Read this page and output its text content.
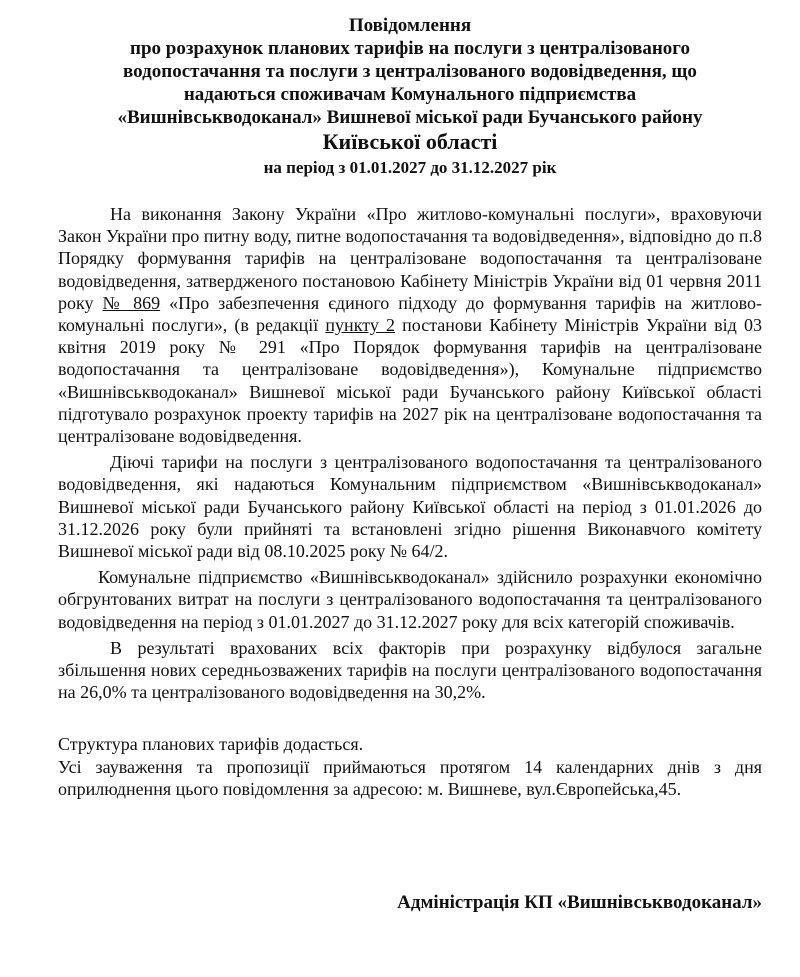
Повідомлення
про розрахунок планових тарифів на послуги з централізованого
водопостачання та послуги з централізованого водовідведення, що
надаються споживачам Комунального підприємства
«Вишнівськводоканал» Вишневої міської ради Бучанського району
Київської області
на період з 01.01.2027 до 31.12.2027 рік

На виконання Закону України «Про житлово-комунальні послуги», враховуючи Закон України про питну воду, питне водопостачання та водовідведення», відповідно до п.8 Порядку формування тарифів на централізоване водопостачання та централізоване водовідведення, затвердженого постановою Кабінету Міністрів України від 01 червня 2011 року № 869 «Про забезпечення єдиного підходу до формування тарифів на житлово-комунальні послуги», (в редакції пункту 2 постанови Кабінету Міністрів України від 03 квітня 2019 року № 291 «Про Порядок формування тарифів на централізоване водопостачання та централізоване водовідведення»), Комунальне підприємство «Вишнівськводоканал» Вишневої міської ради Бучанського району Київської області підготувало розрахунок проекту тарифів на 2027 рік на централізоване водопостачання та централізоване водовідведення.

Діючі тарифи на послуги з централізованого водопостачання та централізованого водовідведення, які надаються Комунальним підприємством «Вишнівськводоканал» Вишневої міської ради Бучанського району Київської області на період з 01.01.2026 до 31.12.2026 року були прийняті та встановлені згідно рішення Виконавчого комітету Вишневої міської ради від 08.10.2025 року № 64/2.

Комунальне підприємство «Вишнівськводоканал» здійснило розрахунки економічно обгрунтованих витрат на послуги з централізованого водопостачання та централізованого водовідведення на період з 01.01.2027 до 31.12.2027 року для всіх категорій споживачів.

В результаті врахованих всіх факторів при розрахунку відбулося загальне збільшення нових середньозважених тарифів на послуги централізованого водопостачання на 26,0% та централізованого водовідведення на 30,2%.

Структура планових тарифів додасться.

Усі зауваження та пропозиції приймаються протягом 14 календарних днів з дня оприлюднення цього повідомлення за адресою: м. Вишневе, вул.Європейська,45.

Адміністрація КП «Вишнівськводоканал»
